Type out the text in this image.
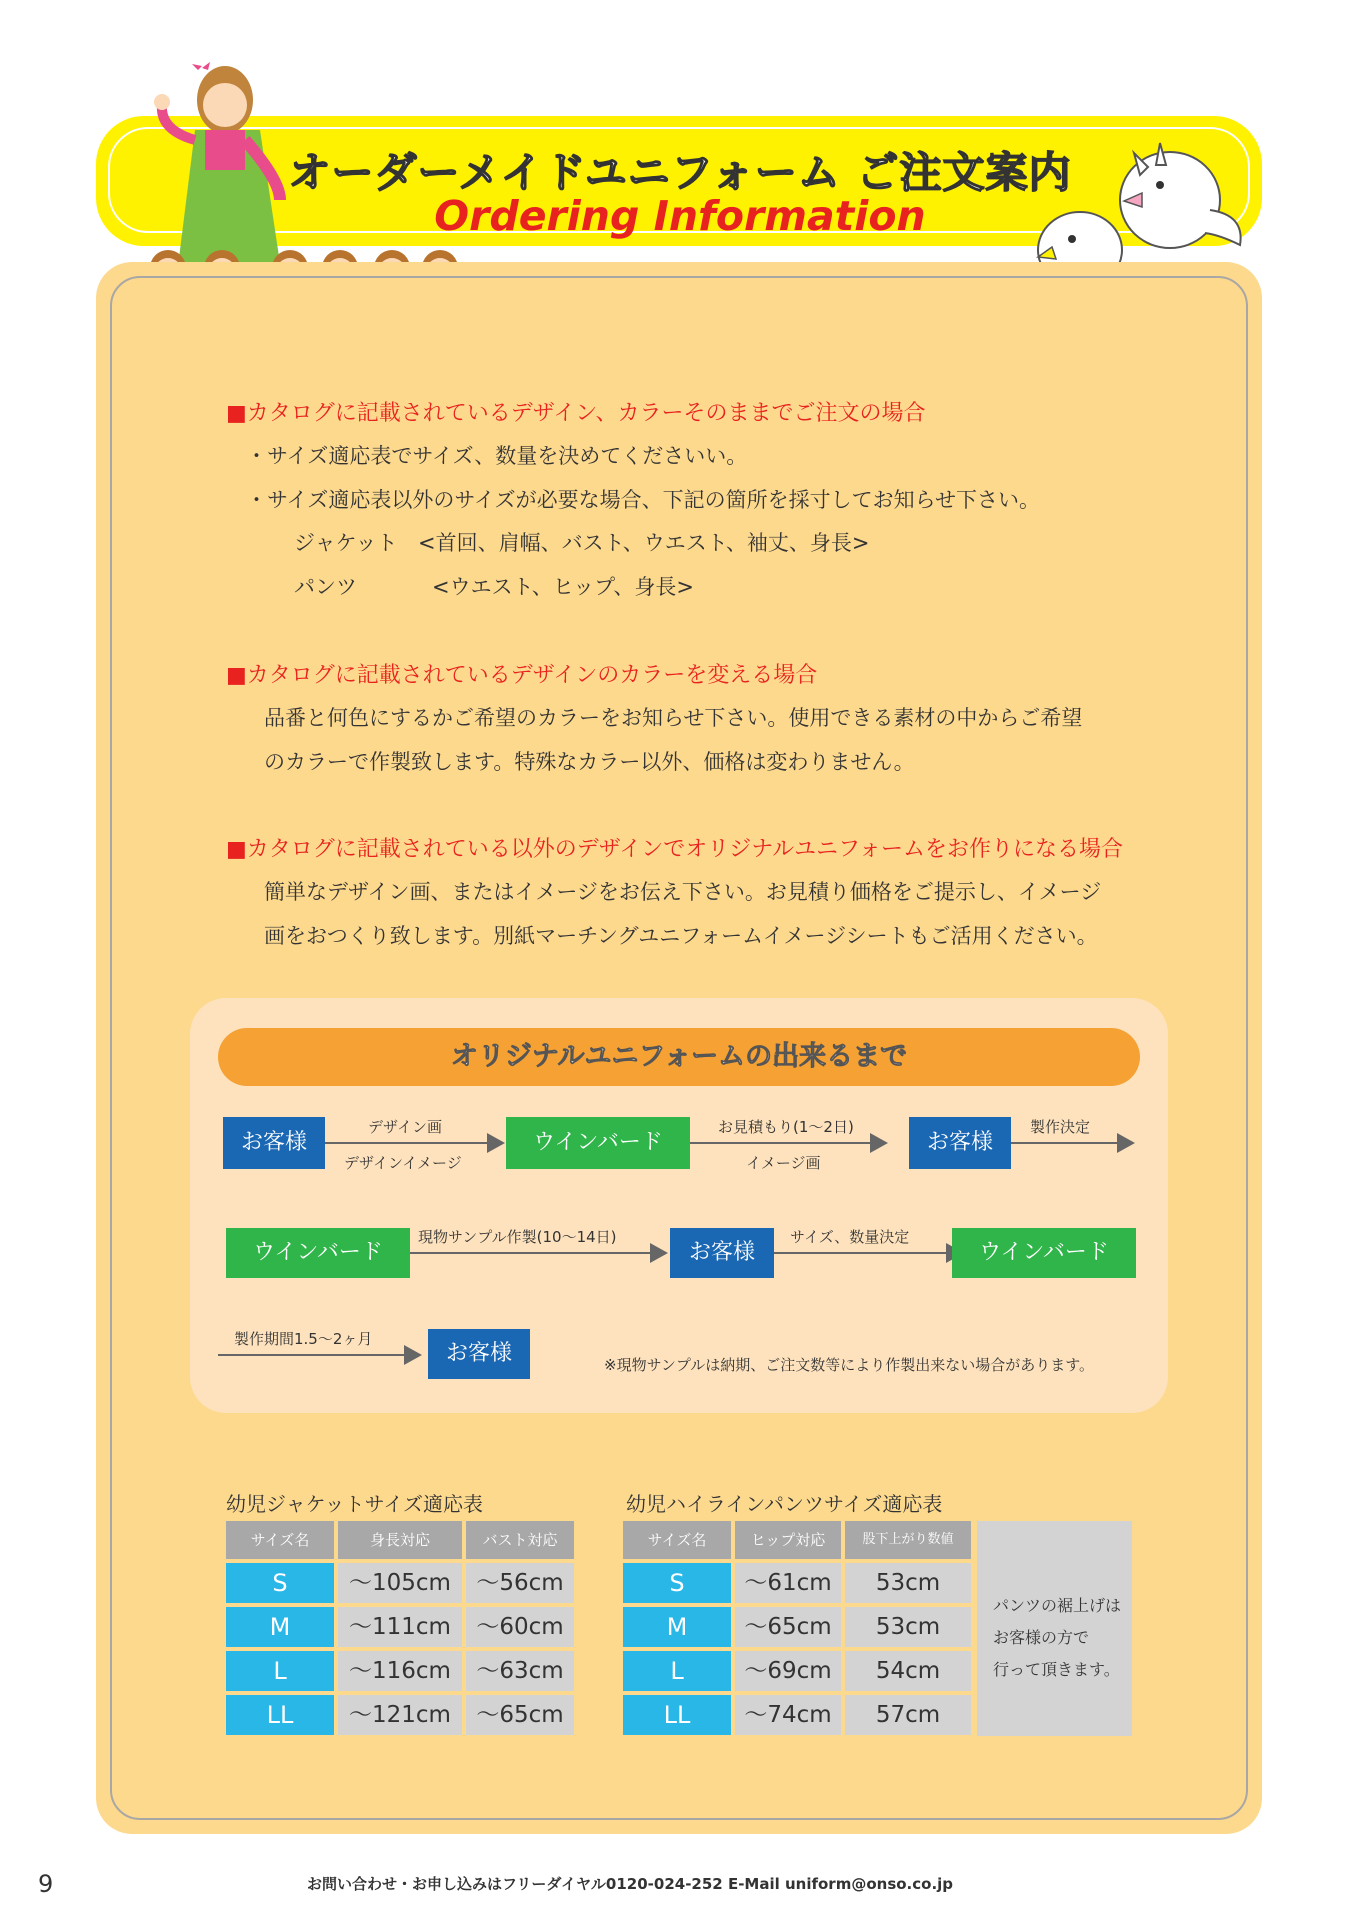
オーダーメイドユニフォーム ご注文案内
Ordering Information
■カタログに記載されているデザイン、カラーそのままでご注文の場合
・サイズ適応表でサイズ、数量を決めてくださいい。
・サイズ適応表以外のサイズが必要な場合、下記の箇所を採寸してお知らせ下さい。
ジャケット <首回、肩幅、バスト、ウエスト、袖丈、身長>
パンツ	<ウエスト、ヒップ、身長>
■カタログに記載されているデザインのカラーを変える場合
品番と何色にするかご希望のカラーをお知らせ下さい。使用できる素材の中からご希望
のカラーで作製致します。特殊なカラー以外、価格は変わりません。
■カタログに記載されている以外のデザインでオリジナルユニフォームをお作りになる場合
簡単なデザイン画、またはイメージをお伝え下さい。お見積り価格をご提示し、イメージ
画をおつくり致します。別紙マーチングユニフォームイメージシートもご活用ください。
オリジナルユニフォームの出来るまで
お客様
デザイン画
デザインイメージ
ウインバード
お見積もり(1〜2日)
イメージ画
お客様
製作決定
ウインバード
現物サンプル作製(10〜14日)
お客様
サイズ、数量決定
ウインバード
製作期間1.5〜2ヶ月
お客様	※現物サンプルは納期、ご注文数等により作製出来ない場合があります。
幼児ジャケットサイズ適応表
サイズ名	身長対応	バスト対応
S	〜105cm	〜56cm
M	〜111cm	〜60cm
L	〜116cm	〜63cm
LL	〜121cm	〜65cm
幼児ハイラインパンツサイズ適応表
サイズ名	ヒップ対応	股下上がり数値
S	〜61cm	53cm
M	〜65cm	53cm
L	〜69cm	54cm
LL	〜74cm	57cm
パンツの裾上げは
お客様の方で
行って頂きます。
9	お問い合わせ・お申し込みはフリーダイヤル0120-024-252 E-Mail uniform@onso.co.jp
